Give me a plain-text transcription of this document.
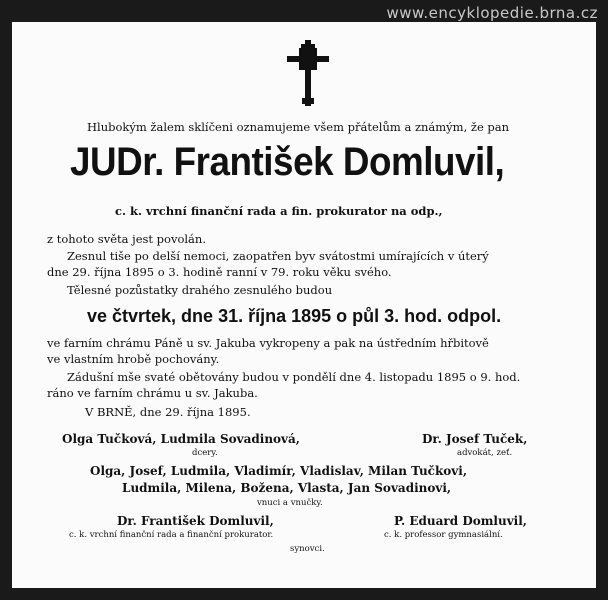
www.encyklopedie.brna.cz
Hlubokým žalem sklíčeni oznamujeme všem přátelům a známým, že pan
JUDr. František Domluvil,
c. k. vrchní finanční rada a fin. prokurator na odp.,
z tohoto světa jest povolán.
Zesnul tiše po delší nemoci, zaopatřen byv svátostmi umírajících v úterý
dne 29. října 1895 o 3. hodině ranní v 79. roku věku svého.
Tělesné pozůstatky drahého zesnulého budou
ve čtvrtek, dne 31. října 1895 o půl 3. hod. odpol.
ve farním chrámu Páně u sv. Jakuba vykropeny a pak na ústředním hřbitově
ve vlastním hrobě pochovány.
Zádušní mše svaté obětovány budou v pondělí dne 4. listopadu 1895 o 9. hod.
ráno ve farním chrámu u sv. Jakuba.
V BRNĚ, dne 29. října 1895.
Olga Tučková, Ludmila Sovadinová,
dcery.
Dr. Josef Tuček,
advokát, zeť.
Olga, Josef, Ludmila, Vladimír, Vladislav, Milan Tučkovi,
Ludmila, Milena, Božena, Vlasta, Jan Sovadinovi,
vnuci a vnučky.
Dr. František Domluvil,
c. k. vrchní finanční rada a finanční prokurator.
synovci.
P. Eduard Domluvil,
c. k. professor gymnasiální.
